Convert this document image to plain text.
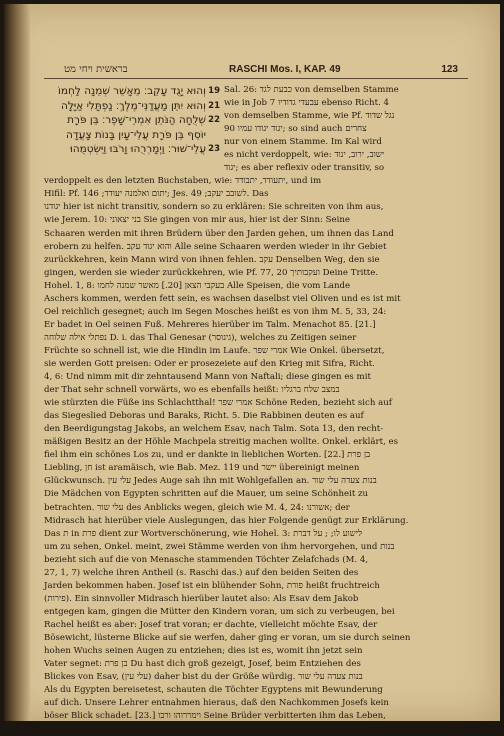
בראשית ויחי מט	RASCHI Mos. I, KAP. 49	123
וְהוּא יָגֻד עָקֵב׃ מֵאָשֵׁר שְׁמֵנָה לַחְמוֹ 19
וְהוּא יִתֵּן מַעֲדַנֵּי־מֶלֶךְ׃ נַפְתָּלִי אַיָּלָה 21
שְׁלֻחָה הַנֹּתֵן אִמְרֵי־שָׁפֶר׃ בֵּן פֹּרָת 22
יוֹסֵף בֵּן פֹּרָת עֲלֵי־עָיִן בָּנוֹת צָעֲדָה
עֲלֵי־שׁוּר׃ וַיְמָרְרֻהוּ וָרֹבּוּ וַיִּשְׂטְמֻהוּ 23
Sal. 26: כבעת לגד von demselben Stamme
wie in Job 7 עבעדי גדודיו ebenso Richt. 4
von demselben Stamme, wie Pf. נגל שדוד
90 יגוד יגודו עמיו; so sind auch צחרים
nur von einem Stamme. Im Kal wird
es nicht verdoppelt, wie: ישוב, ירוב, ינוד
יגוד; es aber reflexiv oder transitiv, so
verdoppelt es den letzten Buchstaben, wie: יתעודד, יתבודד, und im
Hifil: Pf. 146 ;יתום ואלמנה יעודד; Jes. 49 ;לשובב יעקב. Das
יגודנו hier ist nicht transitiv, sondern so zu erklären: Sie schreiten von ihm aus,
wie Jerem. 10: בני יצאוני Sie gingen von mir aus, hier ist der Sinn: Seine
Schaaren werden mit ihren Brüdern über den Jarden gehen, um ihnen das Land
erobern zu helfen. והוא יגוד עקב Alle seine Schaaren werden wieder in ihr Gebiet
zurückkehren, kein Mann wird von ihnen fehlen. עקב Denselben Weg, den sie
gingen, werden sie wieder zurückkehren, wie Pf. 77, 20 ועקבותיך Deine Tritte.
Hohel. 1, 8: בעקבי הצאן [20.] מאשר שמנה לחמו Alle Speisen, die vom Lande
Aschers kommen, werden fett sein, es wachsen daselbst viel Oliven und es ist mit
Oel reichlich gesegnet; auch im Segen Mosches heißt es von ihm M. 5, 33, 24:
Er badet in Oel seinen Fuß. Mehreres hierüber im Talm. Menachot 85. [21.]
נפתלי אילה שלוחה D. i. das Thal Genesar (גינוסר), welches zu Zeitigen seiner
Früchte so schnell ist, wie die Hindin im Laufe. אמרי שפר Wie Onkel. übersetzt,
sie werden Gott preisen: Oder er prosezeiete auf den Krieg mit Sifra, Richt.
4, 6: Und nimm mit dir zehntausend Mann von Naftali; diese gingen es mit
der That sehr schnell vorwärts, wo es ebenfalls heißt: במצב שלח ברגליו
wie stürzten die Füße ins Schlachtthal! אמרי שפר Schöne Reden, bezieht sich auf
das Siegeslied Deboras und Baraks, Richt. 5. Die Rabbinen deuten es auf
den Beerdigungstag Jakobs, an welchem Esav, nach Talm. Sota 13, den recht-
mäßigen Besitz an der Höhle Machpela streitig machen wollte. Onkel. erklärt, es
fiel ihm ein schönes Los zu, und er dankte in lieblichen Worten. [22.] בן פרת
Liebling, חן ist aramäisch, wie Bab. Mez. 119 und יישר übereinigt meinen
Glückwunsch. עלי עין Jedes Auge sah ihn mit Wohlgefallen an. בנות צעדה עלי שור
Die Mädchen von Egypten schritten auf die Mauer, um seine Schönheit zu
betrachten. עלי שור des Anblicks wegen, gleich wie M. 4, 24: אשורנו; der
Midrasch hat hierüber viele Auslegungen, das hier Folgende genügt zur Erklärung.
Das ת in פרת dient zur Wortverschönerung, wie Hohel. 3: לישוע לו; ; על דברת
um zu sehen, Onkel. meint, zwei Stämme werden von ihm hervorgehen, und בנות
bezieht sich auf die von Menasche stammenden Töchter Zelafchads (M. 4,
27, 1, 7) welche ihren Antheil (s. Raschi das.) auf den beiden Seiten des
Jarden bekommen haben. Josef ist ein blühender Sohn, פורת heißt fruchtreich
(פירות). Ein sinnvoller Midrasch hierüber lautet also: Als Esav dem Jakob
entgegen kam, gingen die Mütter den Kindern voran, um sich zu verbeugen, bei
Rachel heißt es aber: Josef trat voran; er dachte, vielleicht möchte Esav, der
Bösewicht, lüsterne Blicke auf sie werfen, daher ging er voran, um sie durch seinen
hohen Wuchs seinen Augen zu entziehen; dies ist es, womit ihn jetzt sein
Vater segnet: בן פרת Du hast dich groß gezeigt, Josef, beim Entziehen des
Blickes von Esav, (עלי עין) daher bist du der Größe würdig. בנות צעדה עלי שור
Als du Egypten bereisetest, schauten die Töchter Egyptens mit Bewunderung
auf dich. Unsere Lehrer entnahmen hieraus, daß den Nachkommen Josefs kein
böser Blick schadet. [23.] וימררוהו ורבו Seine Brüder verbitterten ihm das Leben,
ebenso Potifar und seine Frau, um ihn ins Gefängniß zu bringen, wie M. 2, 1,
